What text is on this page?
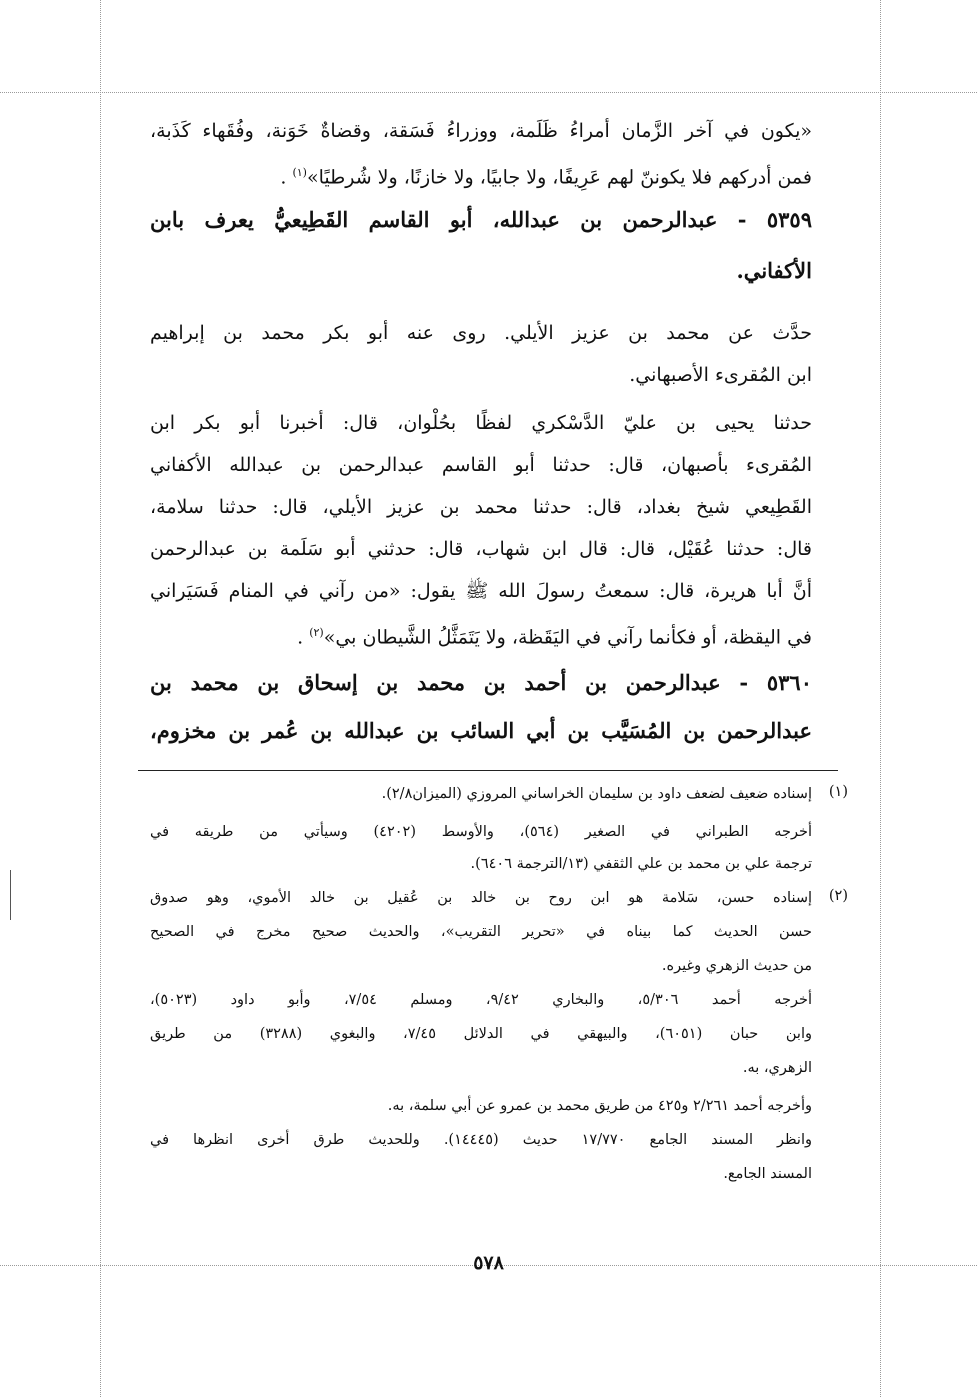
«يكون في آخر الزَّمان أمراءُ ظَلَمة، ووزراءُ فَسَقة، وقضاةٌ خَوَنة، وفُقَهاء كَذَبة،
فمن أدركهم فلا يكوننّ لهم عَرِيفًا، ولا جابيًا، ولا خازنًا، ولا شُرطيًا»$^{(١)}$ .
٥٣٥٩ - عبدالرحمن بن عبدالله، أبو القاسم القَطِيعيُّ يعرف بابن
الأكفاني.
حدَّث عن محمد بن عزيز الأيلي. روى عنه أبو بكر محمد بن إبراهيم
ابن المُقرىء الأصبهاني.
حدثنا يحيى بن عليّ الدَّسْكري لفظًا بحُلْوان، قال: أخبرنا أبو بكر ابن
المُقرىء بأصبهان، قال: حدثنا أبو القاسم عبدالرحمن بن عبدالله الأكفاني
القَطِيعي شيخ بغداد، قال: حدثنا محمد بن عزيز الأيلي، قال: حدثنا سلامة،
قال: حدثنا عُقَيْل، قال: قال ابن شهاب، قال: حدثني أبو سَلَمة بن عبدالرحمن
أنَّ أبا هريرة، قال: سمعتُ رسولَ الله ﷺ يقول: «من رآني في المنام فَسَيَراني
في اليقظة، أو فكأنما رآني في اليَقَظة، ولا يَتَمَثَّلُ الشَّيطان بي»$^{(٢)}$ .
٥٣٦٠ - عبدالرحمن بن أحمد بن محمد بن إسحاق بن محمد بن
عبدالرحمن بن المُسَيَّب بن أبي السائب بن عبدالله بن عُمر بن مخزوم،
(١)
إسناده ضعيف لضعف داود بن سليمان الخراساني المروزي (الميزان٢/٨).
أخرجه الطبراني في الصغير (٥٦٤)، والأوسط (٤٢٠٢) وسيأتي من طريقه في
ترجمة علي بن محمد بن علي الثقفي (١٣/الترجمة ٦٤٠٦).
(٢)
إسناده حسن، سَلامة هو ابن روح بن خالد بن عُقيل بن خالد الأموي، وهو صدوق
حسن الحديث كما بيناه في «تحرير التقريب»، والحديث صحيح مخرج في الصحيح
من حديث الزهري وغيره.
أخرجه أحمد ٥/٣٠٦، والبخاري ٩/٤٢، ومسلم ٧/٥٤، وأبو داود (٥٠٢٣)،
وابن حبان (٦٠٥١)، والبيهقي في الدلائل ٧/٤٥، والبغوي (٣٢٨٨) من طريق
الزهري، به.
وأخرجه أحمد ٢/٢٦١ و٤٢٥ من طريق محمد بن عمرو عن أبي سلمة، به.
وانظر المسند الجامع ١٧/٧٧٠ حديث (١٤٤٤٥). وللحديث طرق أخرى انظرها في
المسند الجامع.
٥٧٨
